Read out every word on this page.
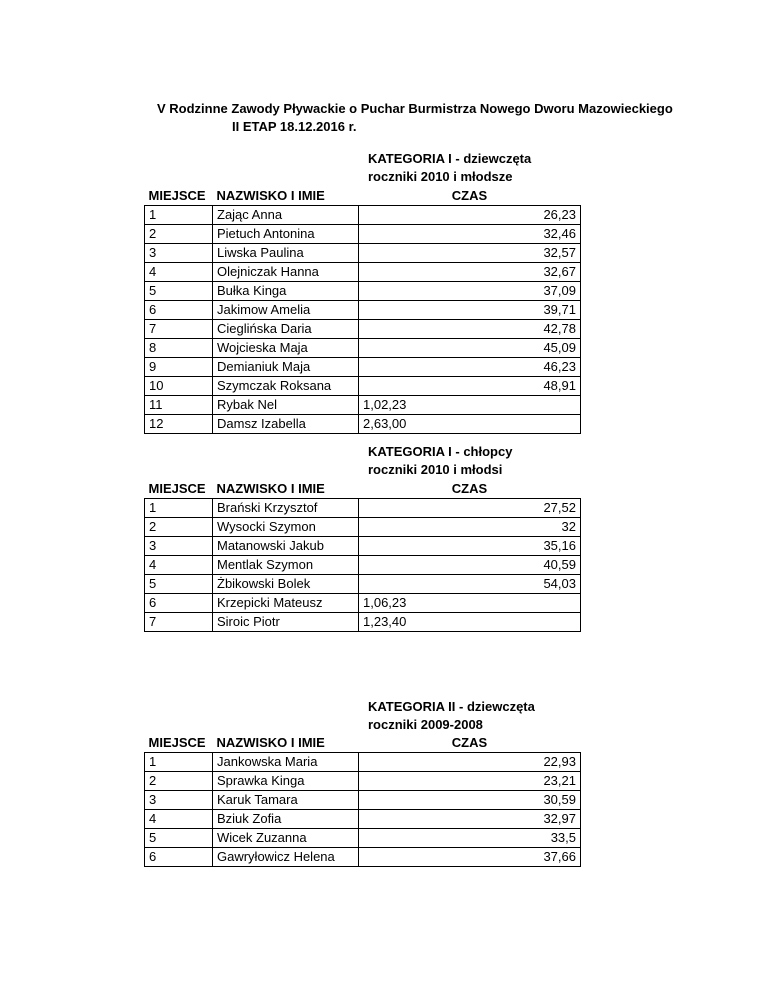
V Rodzinne Zawody Pływackie o Puchar Burmistrza Nowego Dworu Mazowieckiego
II ETAP 18.12.2016 r.
KATEGORIA I - dziewczęta
roczniki 2010 i młodsze
MIEJSCE	NAZWISKO I IMIE	CZAS
1	Zając Anna	26,23
2	Pietuch Antonina	32,46
3	Liwska Paulina	32,57
4	Olejniczak Hanna	32,67
5	Bułka Kinga	37,09
6	Jakimow Amelia	39,71
7	Cieglińska Daria	42,78
8	Wojcieska Maja	45,09
9	Demianiuk Maja	46,23
10	Szymczak Roksana	48,91
11	Rybak Nel	1,02,23
12	Damsz Izabella	2,63,00
KATEGORIA I - chłopcy
roczniki 2010 i młodsi
MIEJSCE	NAZWISKO I IMIE	CZAS
1	Brański Krzysztof	27,52
2	Wysocki Szymon	32
3	Matanowski Jakub	35,16
4	Mentlak Szymon	40,59
5	Żbikowski Bolek	54,03
6	Krzepicki Mateusz	1,06,23
7	Siroic Piotr	1,23,40
KATEGORIA II - dziewczęta
roczniki 2009-2008
MIEJSCE	NAZWISKO I IMIE	CZAS
1	Jankowska Maria	22,93
2	Sprawka Kinga	23,21
3	Karuk Tamara	30,59
4	Bziuk Zofia	32,97
5	Wicek Zuzanna	33,5
6	Gawryłowicz Helena	37,66
